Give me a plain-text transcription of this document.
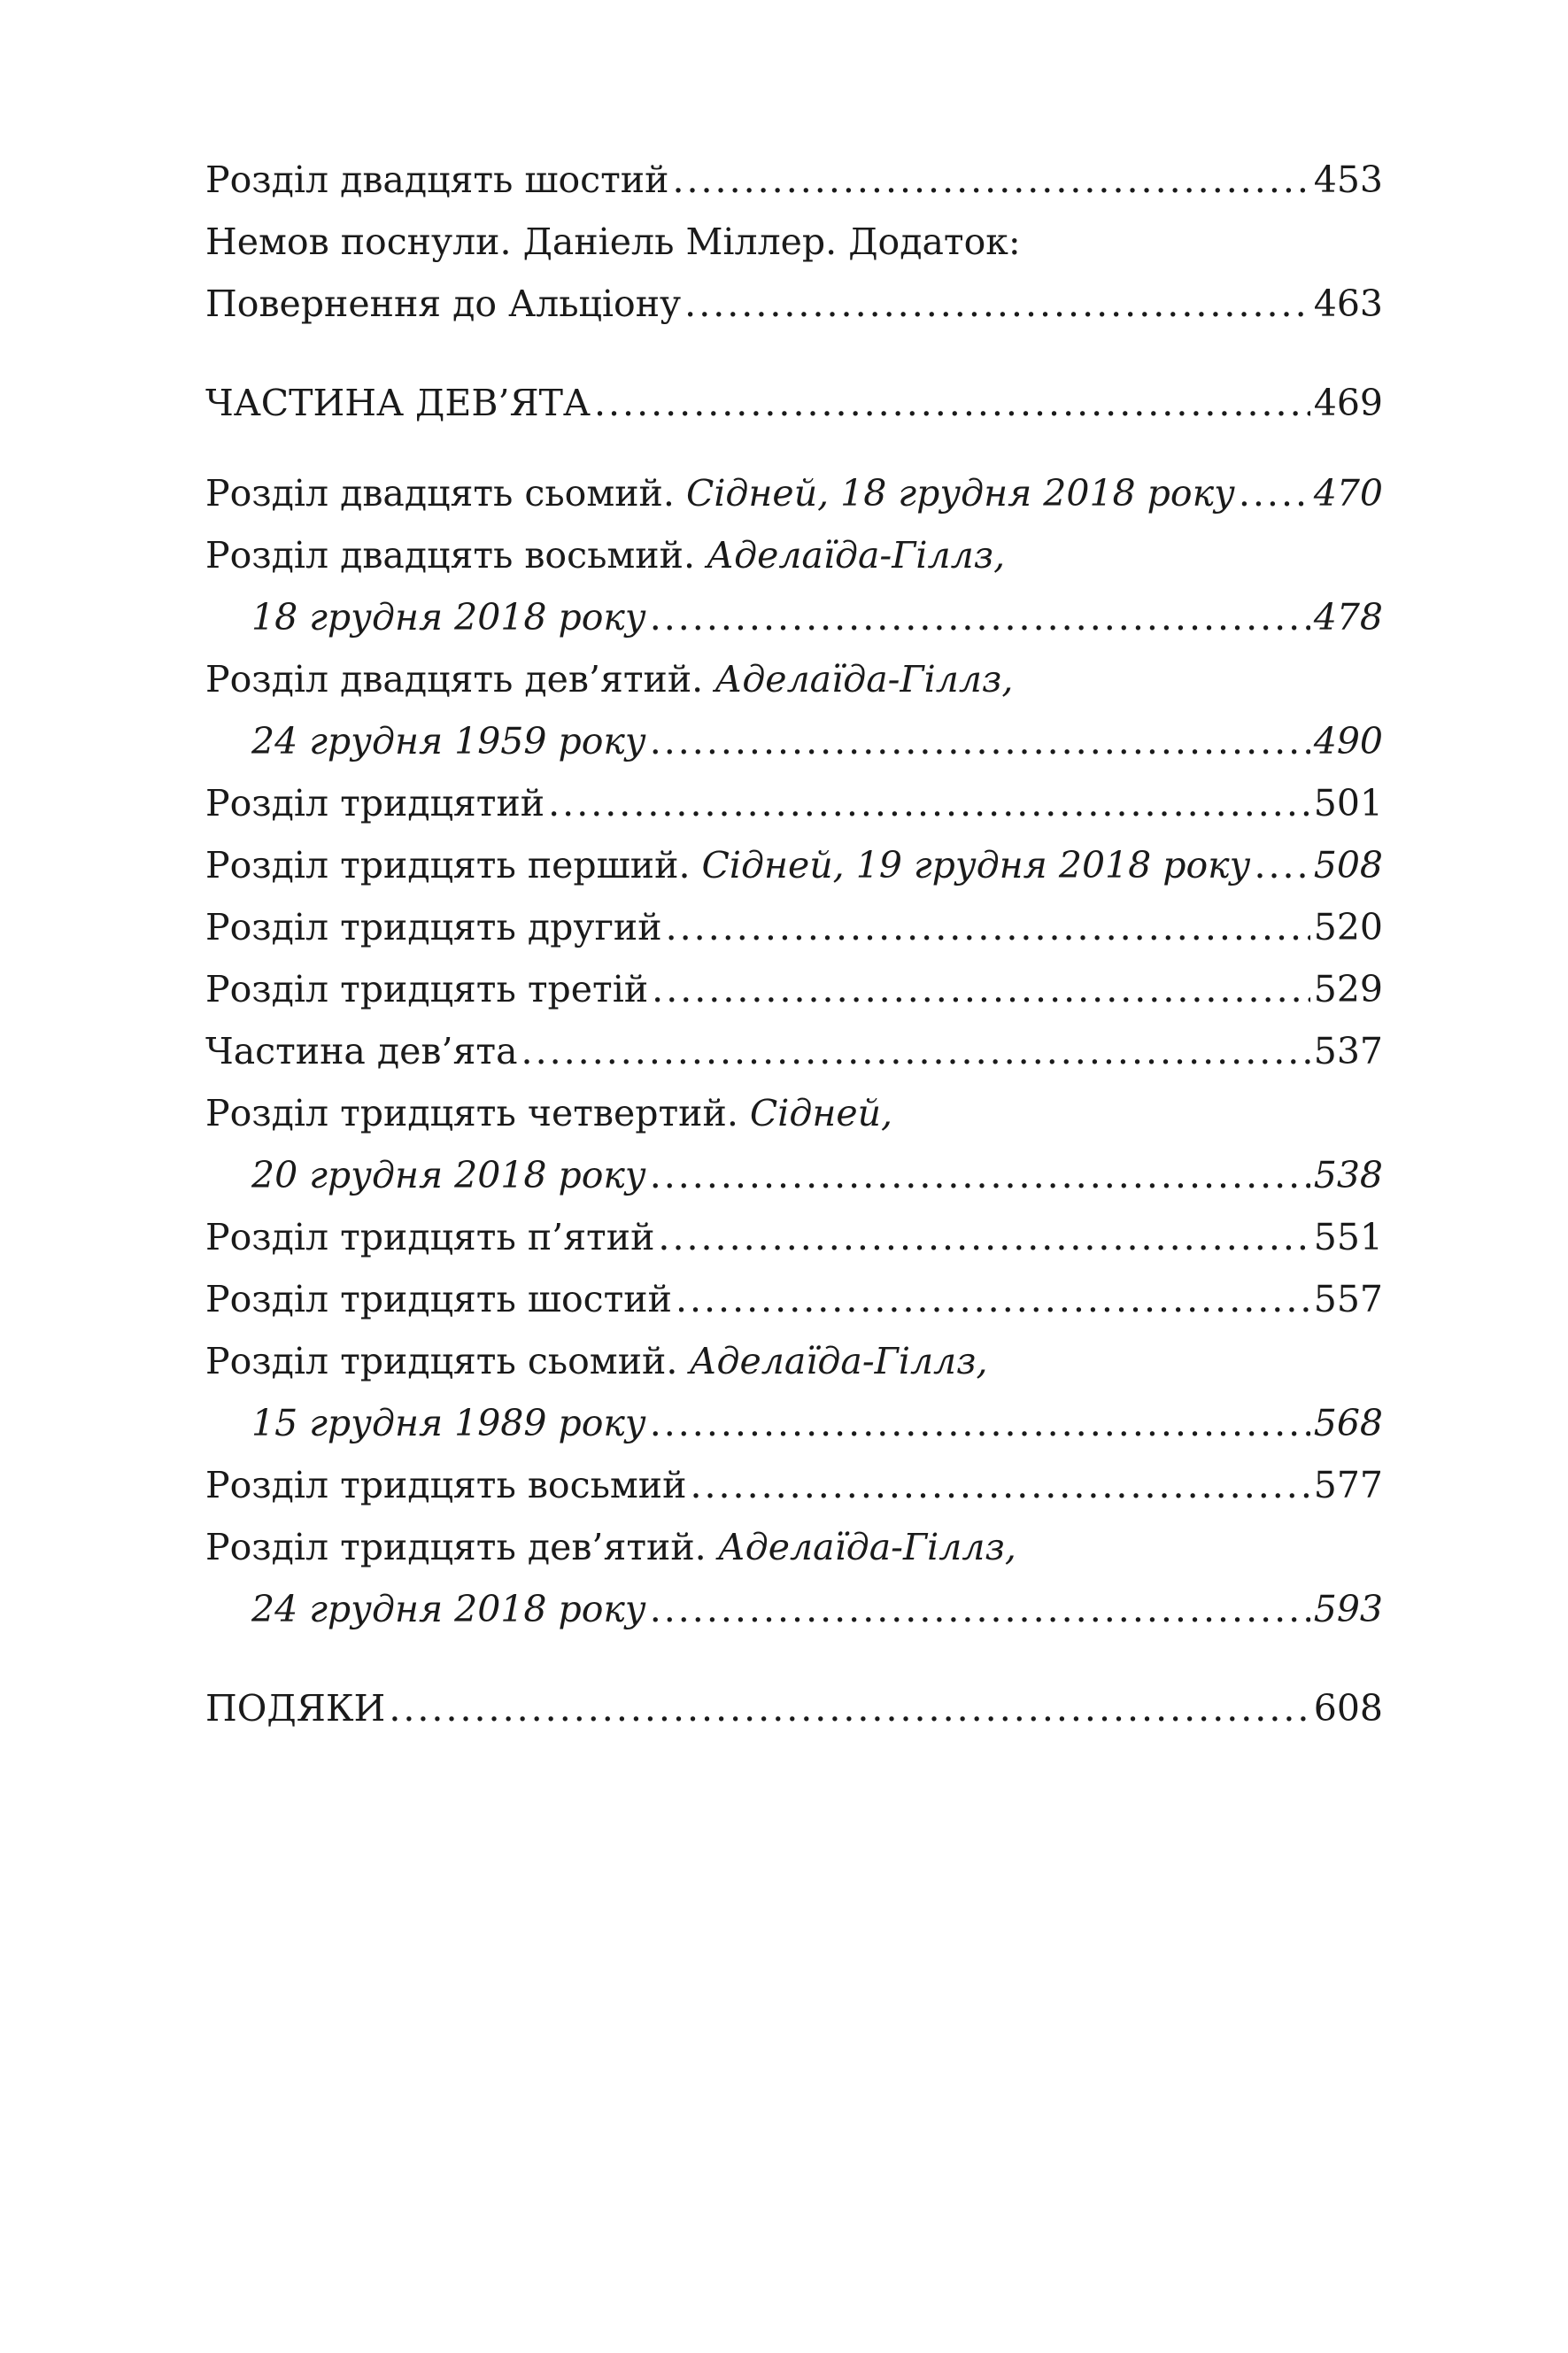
Розділ двадцять шостий .....	453
Немов поснули. Даніель Міллер. Додаток:
Повернення до Альціону .....	463
ЧАСТИНА ДЕВ’ЯТА .....	469
Розділ двадцять сьомий. Сідней, 18 грудня 2018 року ..... 470
Розділ двадцять восьмий. Аделаїда-Гіллз,
18 грудня 2018 року .....	478
Розділ двадцять дев’ятий. Аделаїда-Гіллз,
24 грудня 1959 року .....	490
Розділ тридцятий .....	501
Розділ тридцять перший. Сідней, 19 грудня 2018 року ..... 508
Розділ тридцять другий .....	520
Розділ тридцять третій .....	529
Частина дев’ята .....	537
Розділ тридцять четвертий. Сідней,
20 грудня 2018 року .....	538
Розділ тридцять п’ятий .....	551
Розділ тридцять шостий .....	557
Розділ тридцять сьомий. Аделаїда-Гіллз,
15 грудня 1989 року .....	568
Розділ тридцять восьмий .....	577
Розділ тридцять дев’ятий. Аделаїда-Гіллз,
24 грудня 2018 року .....	593
ПОДЯКИ .....	608
